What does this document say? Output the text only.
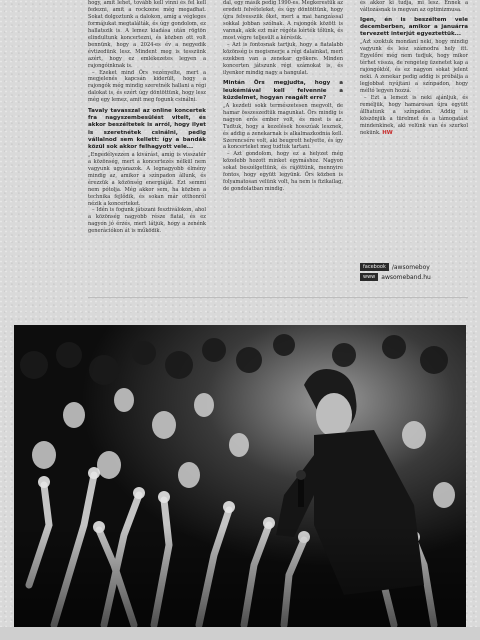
hogy, amit lehet, tovább kell vinni és fel kell fedezni, amit a rockzene még megadhat. Sokat dolgoztunk a dalokon, amíg a végleges formájukat megtalálták, és úgy gondolom, ez hallatszik is. A lemez kiadása után rögtön elindultunk koncertezni, és közben ott volt bennünk, hogy a 2024-es év a negyedik évtizedünk lesz. Mindent meg is tesszünk azért, hogy ez emlékezetes legyen a rajongóinknak is.

– Ezeket mind Örs vezényelte, mert a megjelenés kapcsán kiderült, hogy a rajongók még mindig szeretnék hallani a régi dalokat is, és ezért úgy döntöttünk, hogy lesz még egy lemez, amit meg fogunk csinálni.

Tavaly tavasszal az online koncertek fra nagyszembesülést vitelt, és akkor beszéltetek is arról, hogy ilyet is szeretnétek csinálni, pedig vállalnod sem kellett: így a bandák közül sok akkor felhagyott vele...

„Engedélyezzen a kivárást, amíg is visszatér a közönség, mert a koncertezés nélkül nem vagyunk ugyanazok. A legnagyobb élmény mindig az, amikor a színpadon állunk, és érezzük a közönség energiáját. Ezt semmi nem pótolja. Még akkor sem, ha közben a technika fejlődik, és sokan már otthonról nézik a koncerteket.

– Idén is fogunk játszani fesztiválokon, ahol a közönség nagyobb része fiatal, és ez nagyon jó érzés, mert látjuk, hogy a zenénk generációkon át is működik.

dal, egy másik pedig 1990-es. Megkerestük az eredeti felvételeket, és úgy döntöttünk, hogy újra felvesszük őket, mert a mai hangzással sokkal jobban szólnak. A rajongók között is vannak, akik ezt már régóta kérték tőlünk, és most végre teljesült a kérésük.

– Azt is fontosnak tartjuk, hogy a fiatalabb közönség is megismerje a régi dalainkat, mert ezekben van a zenekar gyökere. Minden koncerten játszunk régi számokat is, és ilyenkor mindig nagy a hangulat.

Mintán Örs megjudta, hogy a leukémiával kell felvennie a küzdelmet, hogyan reagált erre?

„A kezdeti sokk természetesen megvolt, de hamar összeszedtük magunkat. Örs mindig is nagyon erős ember volt, és most is az. Tudtuk, hogy a kezelések hosszúak lesznek, és addig a zenekarnak is alkalmazkodnia kell. Szerencsére volt, aki beugrott helyette, és így a koncerteket meg tudtuk tartani.

– Azt gondolom, hogy ez a helyzet még közelebb hozott minket egymáshoz. Nagyon sokat beszélgettünk, és rájöttünk, mennyire fontos, hogy együtt legyünk. Örs közben is folyamatosan velünk volt, ha nem is fizikailag, de gondolatban mindig.

és akkor ki tudja, mi lesz. Ennek a változásnak is megvan az optimizmusa.

Igen, én is beszéltem vele decemberben, amikor a januárra tervezett interjút egyeztettük...

„Azt szoktuk mondani neki, hogy mindig vagyunk és lesz számodra hely itt. Egyelőre még nem tudjuk, hogy mikor térhet vissza, de rengeteg üzenetet kap a rajongóktól, és ez nagyon sokat jelent neki. A zenekar pedig addig is próbálja a legjobbat nyújtani a színpadon, hogy méltó legyen hozzá.

– Ezt a lemezt is neki ajánljuk, és reméljük, hogy hamarosan újra együtt állhatunk a színpadon. Addig is köszönjük a türelmet és a támogatást mindenkinek, aki velünk van és szurkol nekünk. HW

facebook	/awsomeboy
www	awsomeband.hu
